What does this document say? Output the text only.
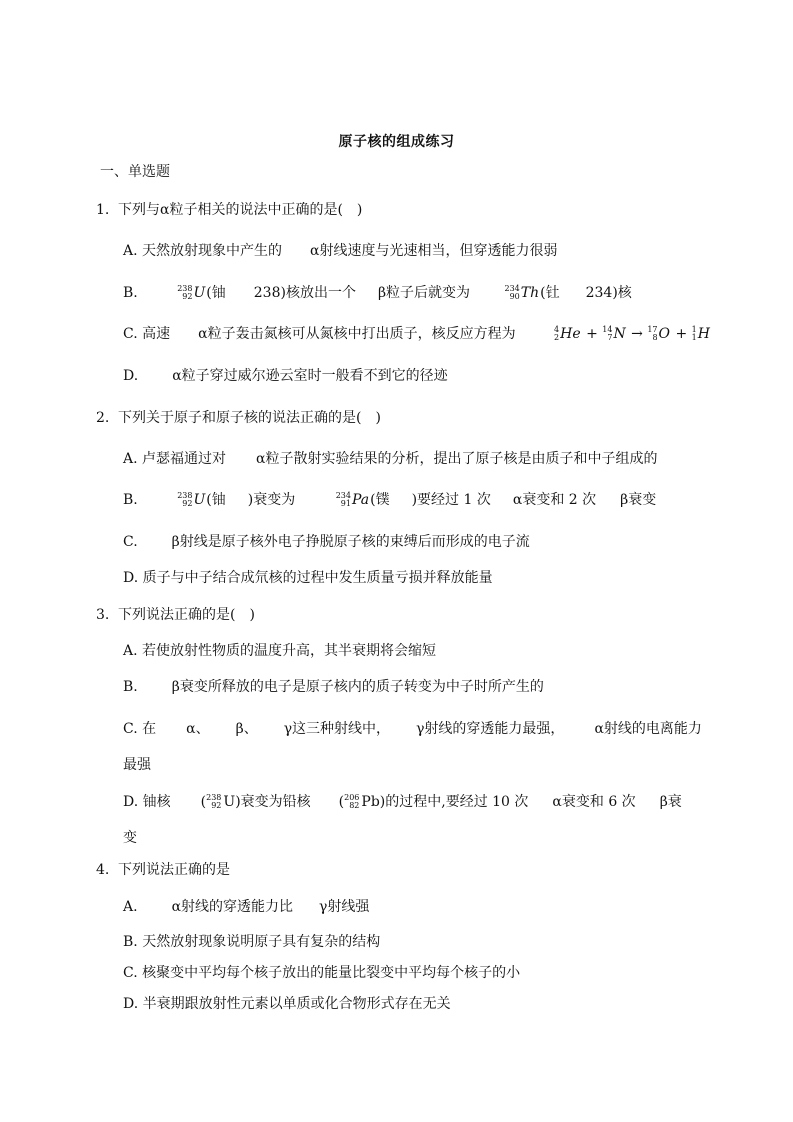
原子核的组成练习
一、单选题
1. 下列与α粒子相关的说法中正确的是(　)
A. 天然放射现象中产生的 α射线速度与光速相当，但穿透能力很弱
B.	238
92 U (铀 238)核放出一个 β粒子后就变为	234
90 Th (钍 234)核
C. 高速 α粒子轰击氮核可从氮核中打出质子，核反应方程为	4
2 He + 14
7 N → 17
8 O + 1
1 H
D. α粒子穿过威尔逊云室时一般看不到它的径迹
2. 下列关于原子和原子核的说法正确的是(　)
A. 卢瑟福通过对 α粒子散射实验结果的分析，提出了原子核是由质子和中子组成的
B.	238
92 U (铀 )衰变为	234
91 Pa (镤 )要经过 1 次 α衰变和 2 次 β衰变
C. β射线是原子核外电子挣脱原子核的束缚后而形成的电子流
D. 质子与中子结合成氘核的过程中发生质量亏损并释放能量
3. 下列说法正确的是(　)
A. 若使放射性物质的温度升高，其半衰期将会缩短
B. β衰变所释放的电子是原子核内的质子转变为中子时所产生的
C. 在 α、 β、 γ这三种射线中， γ射线的穿透能力最强， α射线的电离能力
最强
D. 铀核 ( 238
92 U)衰变为铅核 ( 206
82 Pb)的过程中,要经过 10 次 α衰变和 6 次 β衰
变
4. 下列说法正确的是
A. α射线的穿透能力比 γ射线强
B. 天然放射现象说明原子具有复杂的结构
C. 核聚变中平均每个核子放出的能量比裂变中平均每个核子的小
D. 半衰期跟放射性元素以单质或化合物形式存在无关
